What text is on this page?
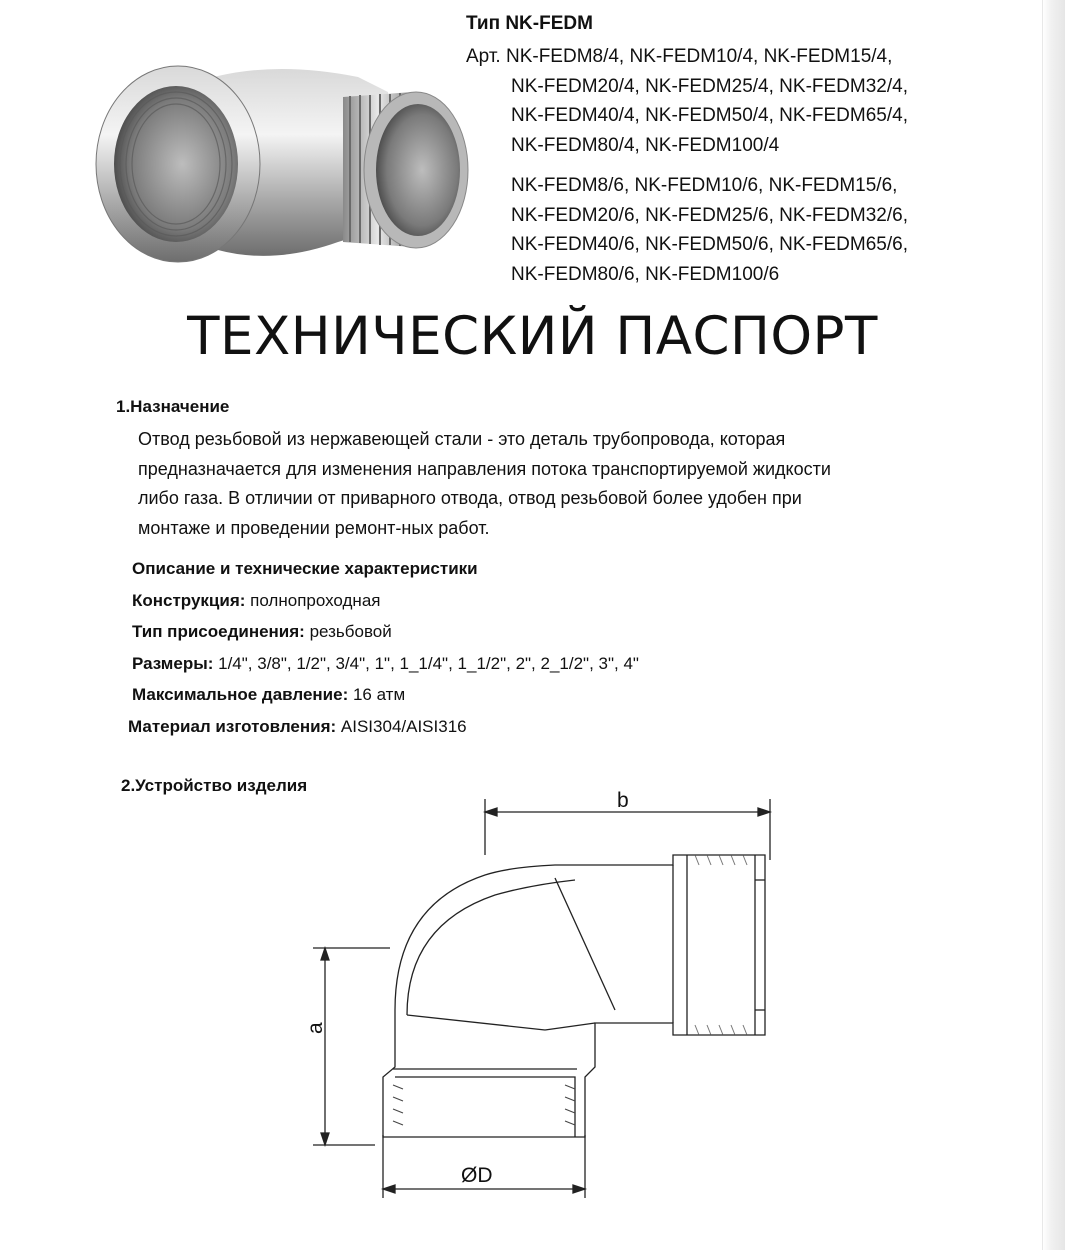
Тип NK-FEDM
Арт. NK-FEDM8/4, NK-FEDM10/4, NK-FEDM15/4,
NK-FEDM20/4, NK-FEDM25/4, NK-FEDM32/4,
NK-FEDM40/4, NK-FEDM50/4, NK-FEDM65/4,
NK-FEDM80/4, NK-FEDM100/4
NK-FEDM8/6, NK-FEDM10/6, NK-FEDM15/6,
NK-FEDM20/6, NK-FEDM25/6, NK-FEDM32/6,
NK-FEDM40/6, NK-FEDM50/6, NK-FEDM65/6,
NK-FEDM80/6, NK-FEDM100/6
ТЕХНИЧЕСКИЙ ПАСПОРТ
1.Назначение
Отвод резьбовой из нержавеющей стали - это деталь трубопровода, которая
предназначается для изменения направления потока транспортируемой жидкости
либо газа. В отличии от приварного отвода, отвод резьбовой более удобен при
монтаже и проведении ремонт-ных работ.
Описание и технические характеристики
Конструкция: полнопроходная
Тип присоединения: резьбовой
Размеры: 1/4", 3/8", 1/2", 3/4", 1", 1_1/4", 1_1/2", 2", 2_1/2", 3", 4"
Максимальное давление: 16 атм
Материал изготовления: AISI304/AISI316
2.Устройство изделия
b
a
ØD
